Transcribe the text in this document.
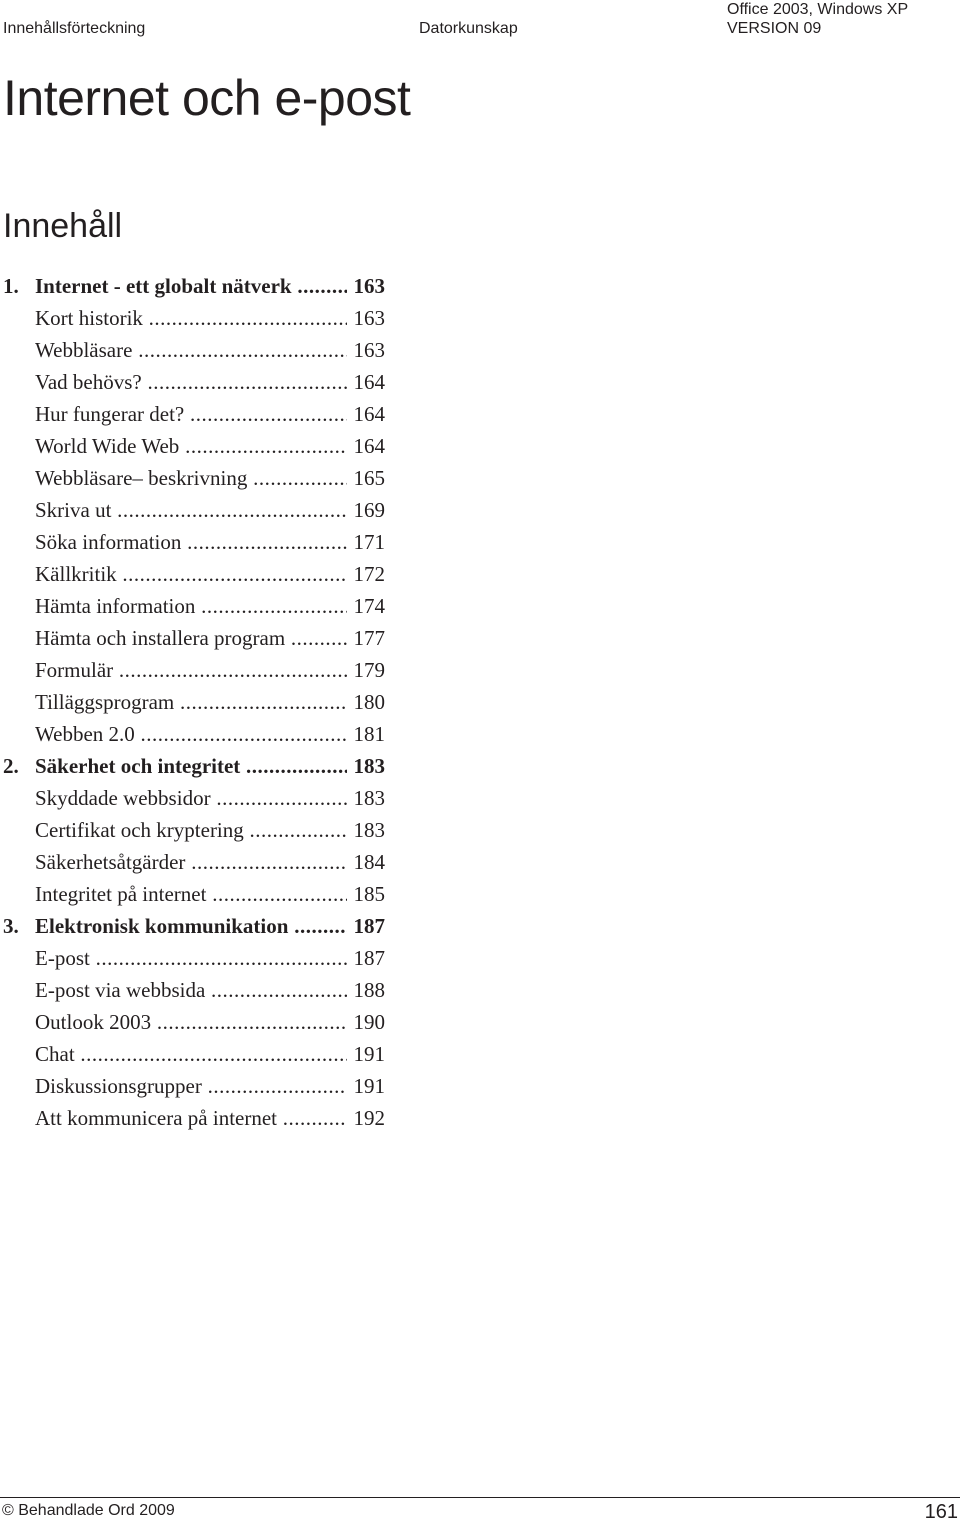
Innehållsförteckning	Datorkunskap
Office 2003, Windows XP
VERSION 09
Internet och e-post
Innehåll
1. Internet - ett globalt nätverk .....	163
Kort historik .....	163
Webbläsare .....	163
Vad behövs? .....	164
Hur fungerar det? .....	164
World Wide Web .....	164
Webbläsare– beskrivning .....	165
Skriva ut .....	169
Söka information .....	171
Källkritik .....	172
Hämta information .....	174
Hämta och installera program .....	177
Formulär .....	179
Tilläggsprogram .....	180
Webben 2.0 .....	181
2. Säkerhet och integritet .....	183
Skyddade webbsidor .....	183
Certifikat och kryptering .....	183
Säkerhetsåtgärder .....	184
Integritet på internet .....	185
3. Elektronisk kommunikation .....	187
E-post .....	187
E-post via webbsida .....	188
Outlook 2003 .....	190
Chat .....	191
Diskussionsgrupper .....	191
Att kommunicera på internet .....	192
© Behandlade Ord 2009	161
